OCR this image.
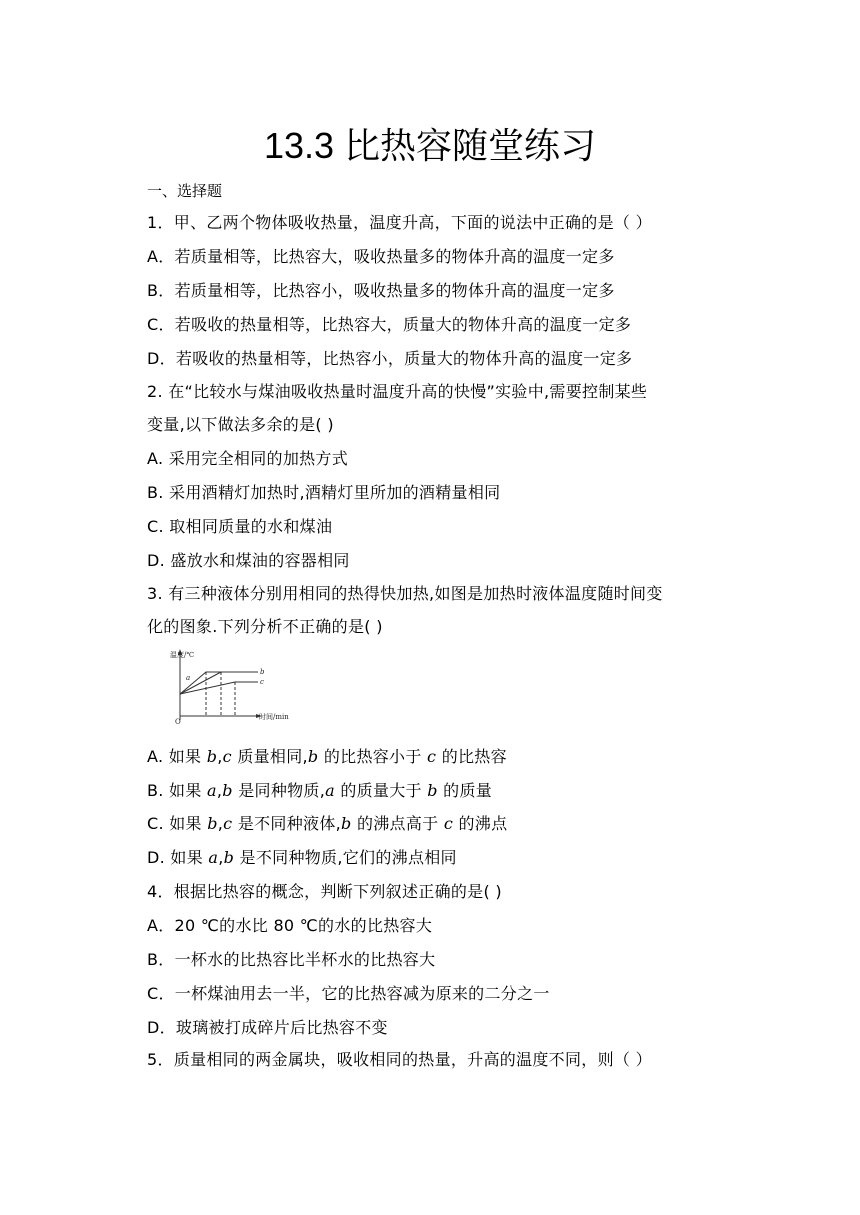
13.3 比热容随堂练习
一、选择题
1．甲、乙两个物体吸收热量，温度升高，下面的说法中正确的是（ ）
A．若质量相等，比热容大，吸收热量多的物体升高的温度一定多
B．若质量相等，比热容小，吸收热量多的物体升高的温度一定多
C．若吸收的热量相等，比热容大，质量大的物体升高的温度一定多
D．若吸收的热量相等，比热容小，质量大的物体升高的温度一定多
2. 在“比较水与煤油吸收热量时温度升高的快慢”实验中,需要控制某些
变量,以下做法多余的是( )
A. 采用完全相同的加热方式
B. 采用酒精灯加热时,酒精灯里所加的酒精量相同
C. 取相同质量的水和煤油
D. 盛放水和煤油的容器相同
3. 有三种液体分别用相同的热得快加热,如图是加热时液体温度随时间变
化的图象.下列分析不正确的是( )
温度/℃
时间/min
O
a
b
c
A. 如果 b,c 质量相同,b 的比热容小于 c 的比热容
B. 如果 a,b 是同种物质,a 的质量大于 b 的质量
C. 如果 b,c 是不同种液体,b 的沸点高于 c 的沸点
D. 如果 a,b 是不同种物质,它们的沸点相同
4．根据比热容的概念，判断下列叙述正确的是( )
A．20 ℃的水比 80 ℃的水的比热容大
B．一杯水的比热容比半杯水的比热容大
C．一杯煤油用去一半，它的比热容减为原来的二分之一
D．玻璃被打成碎片后比热容不变
5．质量相同的两金属块，吸收相同的热量，升高的温度不同，则（ ）
